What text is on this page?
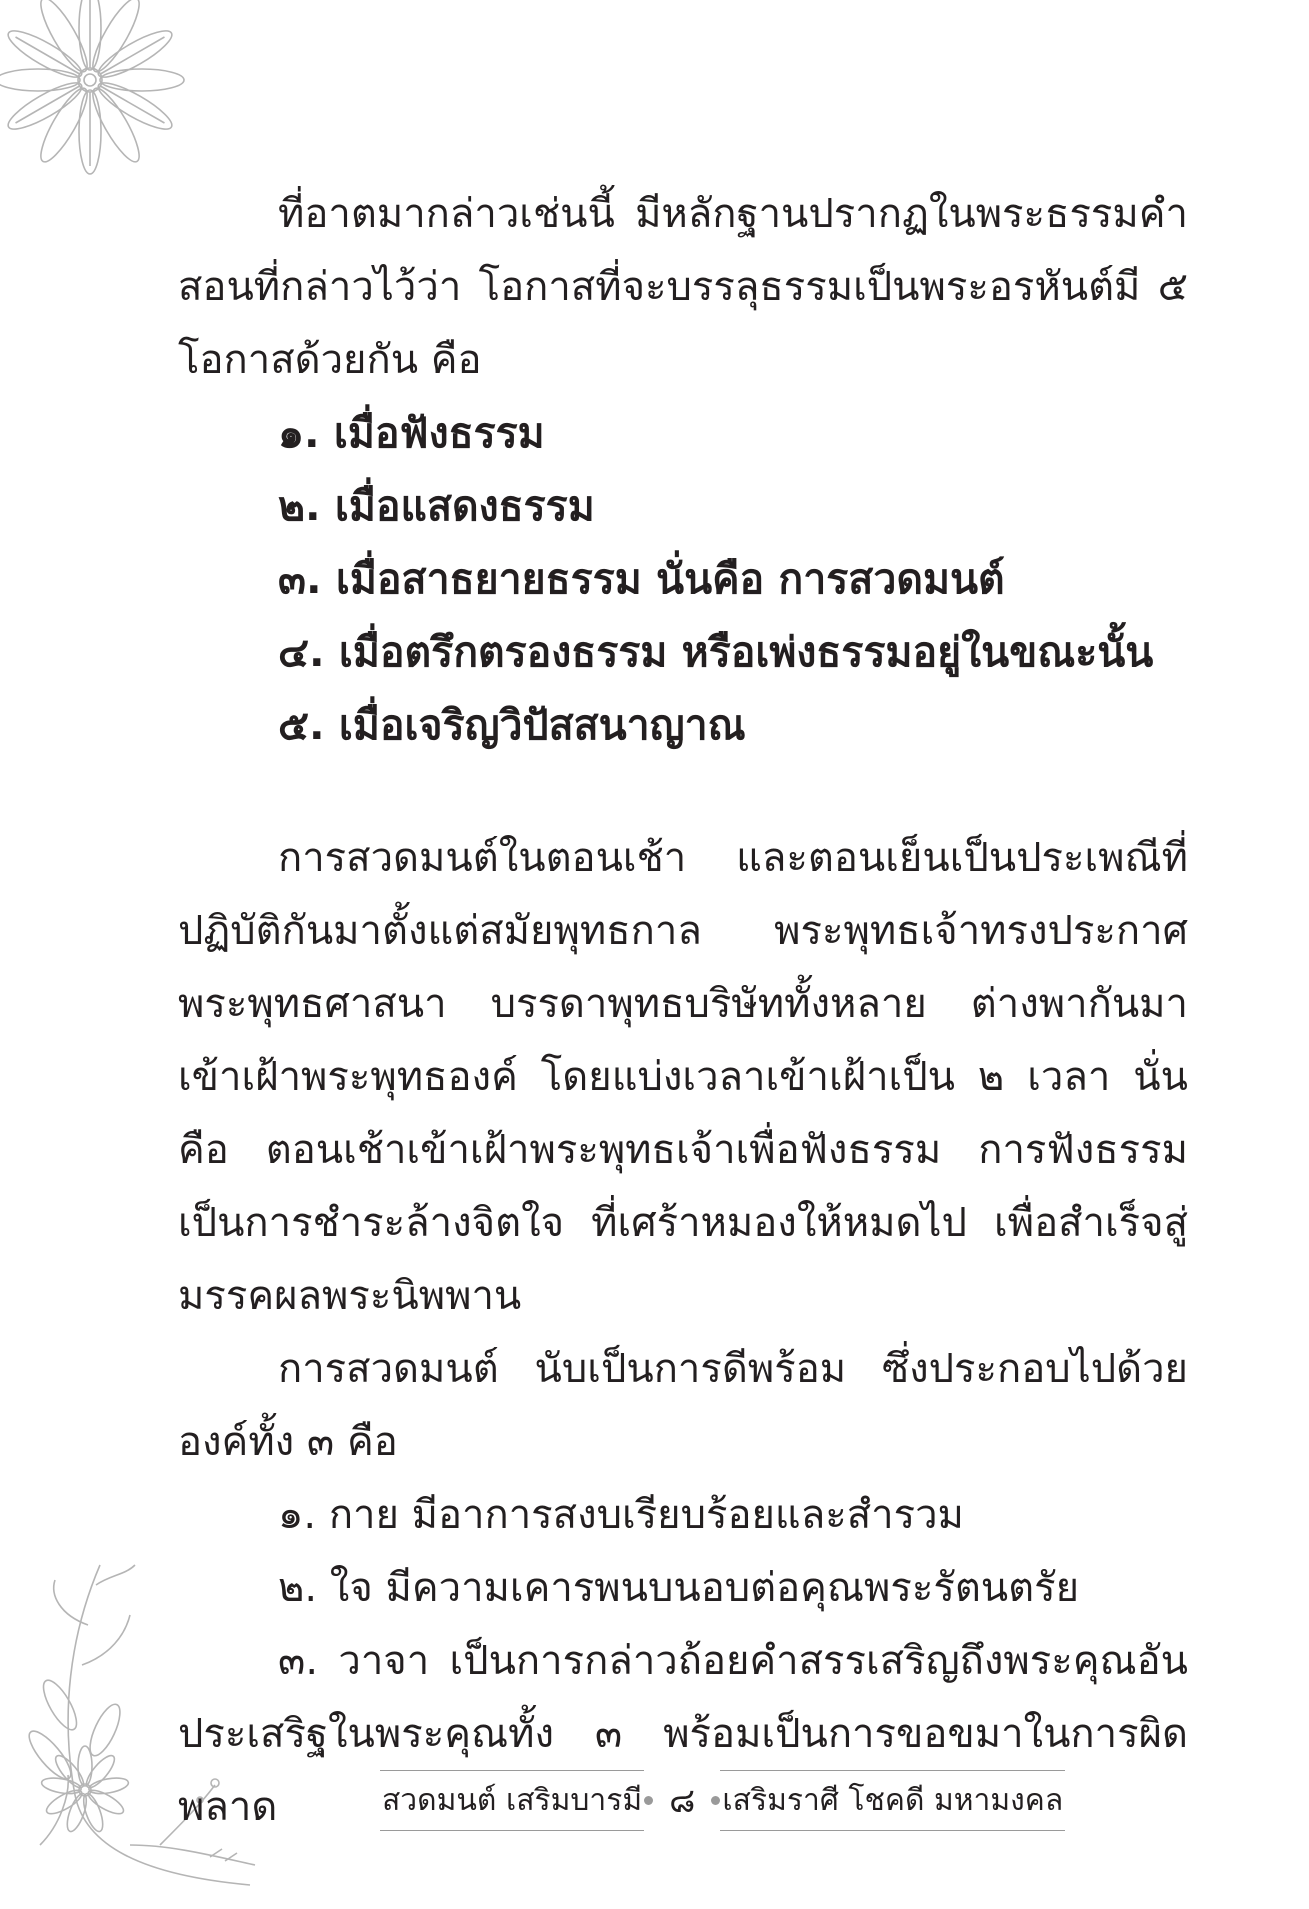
ที่อาตมากล่าวเช่นนี้ มีหลักฐานปรากฏในพระธรรมคำสอนที่กล่าวไว้ว่า โอกาสที่จะบรรลุธรรมเป็นพระอรหันต์มี ๕ โอกาสด้วยกัน คือ

๑. เมื่อฟังธรรม

๒. เมื่อแสดงธรรม

๓. เมื่อสาธยายธรรม นั่นคือ การสวดมนต์

๔. เมื่อตรึกตรองธรรม หรือเพ่งธรรมอยู่ในขณะนั้น

๕. เมื่อเจริญวิปัสสนาญาณ

การสวดมนต์ในตอนเช้า และตอนเย็นเป็นประเพณีที่ปฏิบัติกันมาตั้งแต่สมัยพุทธกาล พระพุทธเจ้าทรงประกาศพระพุทธศาสนา บรรดาพุทธบริษัททั้งหลาย ต่างพากันมาเข้าเฝ้าพระพุทธองค์ โดยแบ่งเวลาเข้าเฝ้าเป็น ๒ เวลา นั่นคือ ตอนเช้าเข้าเฝ้าพระพุทธเจ้าเพื่อฟังธรรม การฟังธรรมเป็นการชำระล้างจิตใจ ที่เศร้าหมองให้หมดไป เพื่อสำเร็จสู่มรรคผลพระนิพพาน

การสวดมนต์ นับเป็นการดีพร้อม ซึ่งประกอบไปด้วยองค์ทั้ง ๓ คือ

๑. กาย มีอาการสงบเรียบร้อยและสำรวม

๒. ใจ มีความเคารพนบนอบต่อคุณพระรัตนตรัย

๓. วาจา เป็นการกล่าวถ้อยคำสรรเสริญถึงพระคุณอันประเสริฐในพระคุณทั้ง ๓ พร้อมเป็นการขอขมาในการผิดพลาด	สวดมนต์ เสริมบารมี ๘ เสริมราศี โชคดี มหามงคล
